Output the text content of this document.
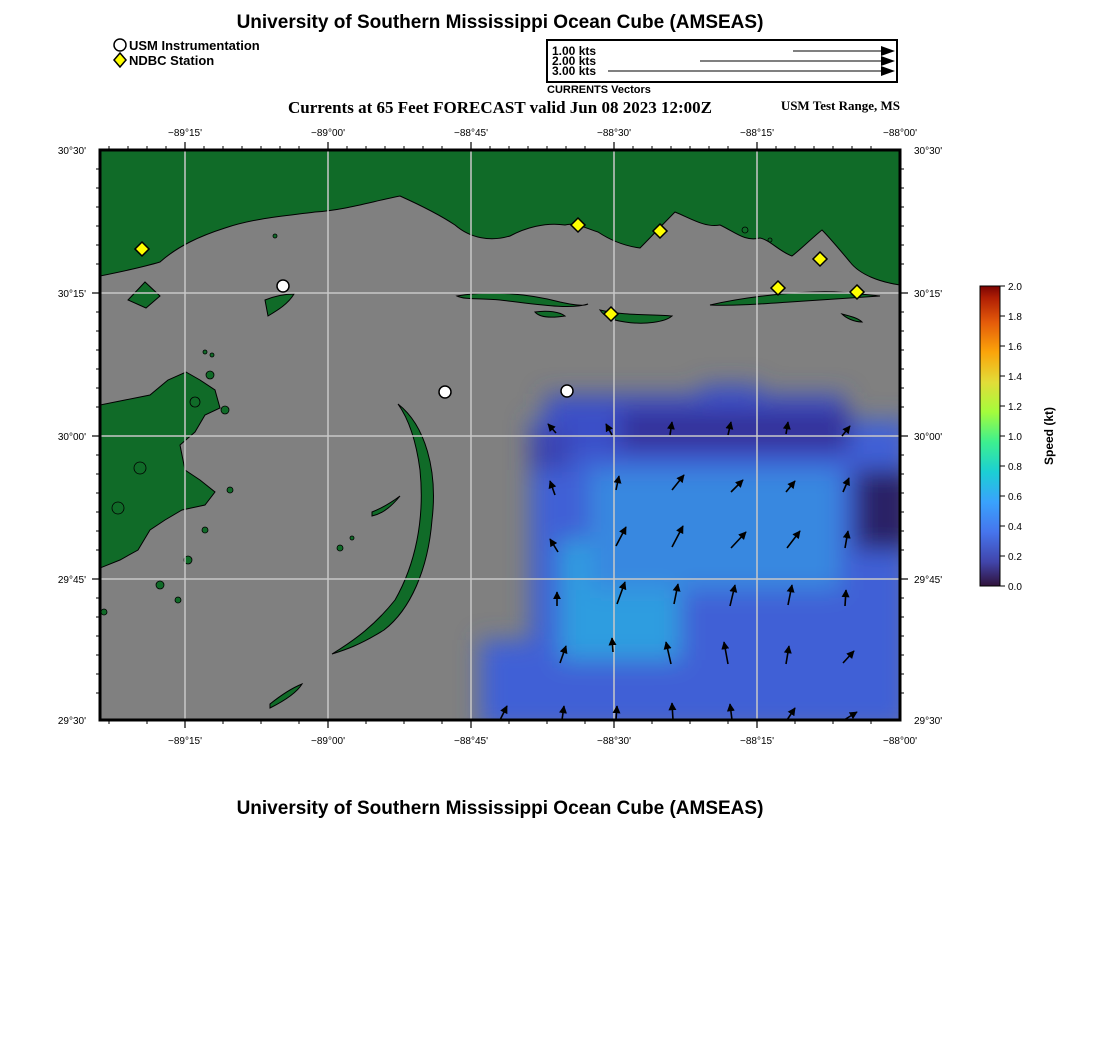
University of Southern Mississippi Ocean Cube (AMSEAS)
Currents at 65 Feet FORECAST valid Jun 08 2023 12:00Z	USM Test Range, MS
USM Instrumentation
NDBC Station
1.00 kts
2.00 kts
3.00 kts
CURRENTS Vectors
−89°15'	−89°00'	−88°45'	−88°30'	−88°15'	−88°00'
−89°15'	−89°00'	−88°45'	−88°30'	−88°15'	−88°00'
30°30'
30°15'
30°00'
29°45'
29°30'
30°30'
30°15'
30°00'
29°45'
29°30'
2.0
1.8
1.6
1.4
1.2
1.0
0.8
0.6
0.4
0.2
0.0
Speed (kt)
University of Southern Mississippi Ocean Cube (AMSEAS)
